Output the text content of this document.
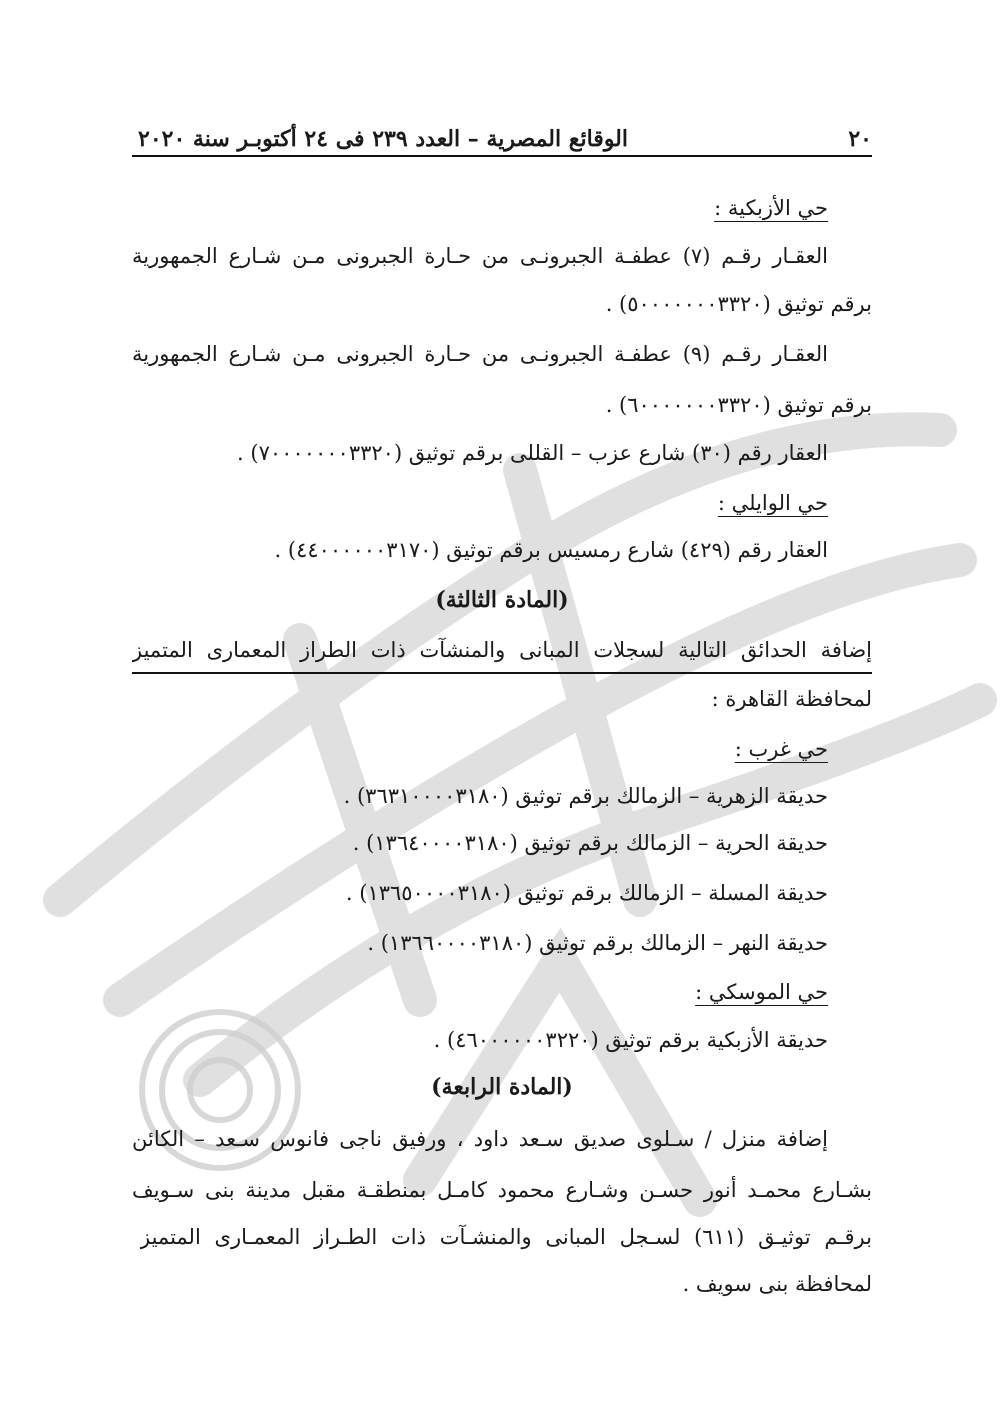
٢٠
الوقائع المصرية – العدد ٢٣٩ فى ٢٤ أكتوبـر سنة ٢٠٢٠
حي الأزبكية :
العقـار رقـم (٧) عطفـة الجبرونـى من حـارة الجبرونى مـن شـارع الجمهورية
برقم توثيق (٥٠٠٠٠٠٠٠٣٣٢٠) .
العقـار رقـم (٩) عطفـة الجبرونـى من حـارة الجبرونى مـن شـارع الجمهورية
برقم توثيق (٦٠٠٠٠٠٠٠٣٣٢٠) .
العقار رقم (٣٠) شارع عزب – القللى برقم توثيق (٧٠٠٠٠٠٠٠٣٣٢٠) .
حي الوايلي :
العقار رقم (٤٢٩) شارع رمسيس برقم توثيق (٤٤٠٠٠٠٠٠٣١٧٠) .
(المادة الثالثة)
إضافة الحدائق التالية لسجلات المبانى والمنشآت ذات الطراز المعمارى المتميز
لمحافظة القاهرة :
حي غرب :
حديقة الزهرية – الزمالك برقم توثيق (٣٦٣١٠٠٠٠٣١٨٠) .
حديقة الحرية – الزمالك برقم توثيق (١٣٦٤٠٠٠٠٣١٨٠) .
حديقة المسلة – الزمالك برقم توثيق (١٣٦٥٠٠٠٠٣١٨٠) .
حديقة النهر – الزمالك برقم توثيق (١٣٦٦٠٠٠٠٣١٨٠) .
حي الموسكي :
حديقة الأزبكية برقم توثيق (٤٦٠٠٠٠٠٠٣٢٢٠) .
(المادة الرابعة)
إضافة منزل / سـلوى صديق سـعد داود ، ورفيق ناجى فانوس سـعد – الكائن
بشـارع محمـد أنور حسـن وشـارع محمود كامـل بمنطقـة مقبل مدينة بنى سـويف
برقـم توثيـق (٦١١) لسـجل المبانى والمنشـآت ذات الطـراز المعمـارى المتميز
لمحافظة بنى سويف .
